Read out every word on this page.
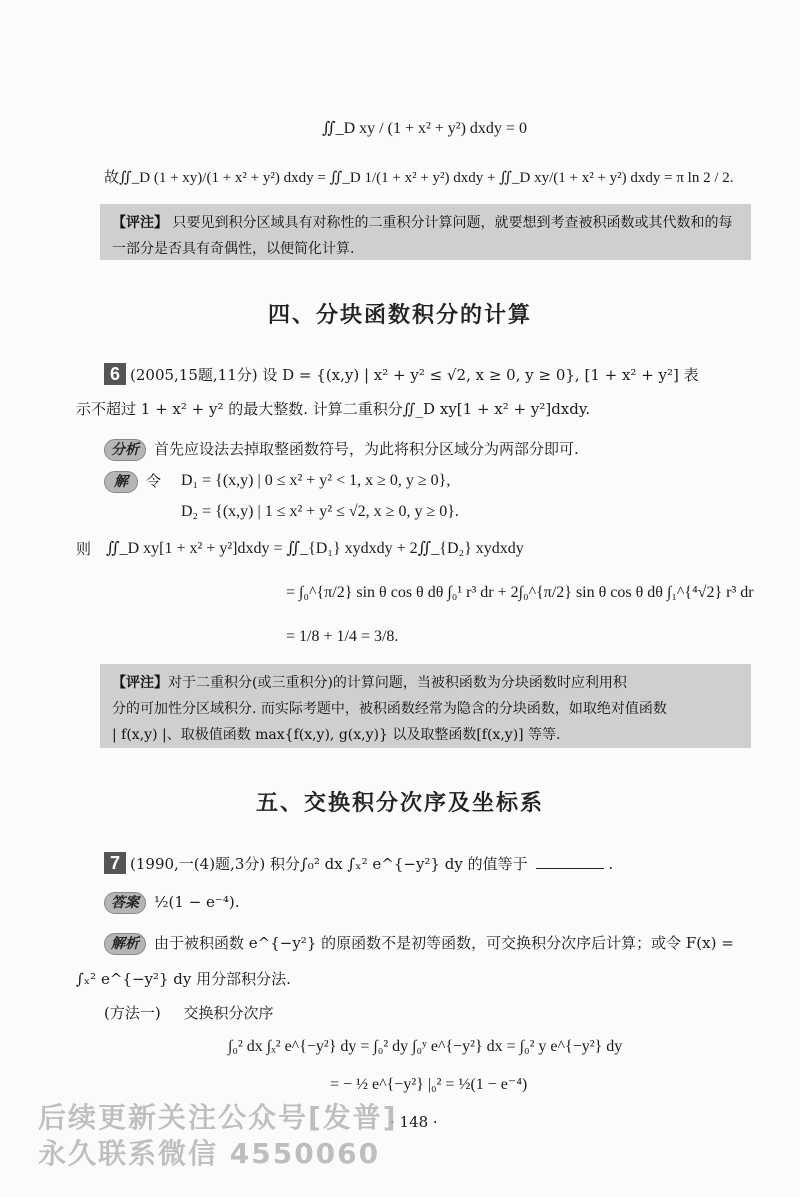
∬_D xy / (1 + x² + y²) dxdy = 0
故∬_D (1 + xy)/(1 + x² + y²) dxdy = ∬_D 1/(1 + x² + y²) dxdy + ∬_D xy/(1 + x² + y²) dxdy = π ln 2 / 2.
【评注】 只要见到积分区域具有对称性的二重积分计算问题，就要想到考查被积函数或其代数和的每一部分是否具有奇偶性，以便简化计算.
四、分块函数积分的计算
6 (2005,15题,11分) 设 D = {(x,y) | x² + y² ≤ √2, x ≥ 0, y ≥ 0}, [1 + x² + y²] 表
示不超过 1 + x² + y² 的最大整数. 计算二重积分∬_D xy[1 + x² + y²]dxdy.
分析 首先应设法去掉取整函数符号，为此将积分区域分为两部分即可.
解 令 D₁ = {(x,y) | 0 ≤ x² + y² < 1, x ≥ 0, y ≥ 0},
D₂ = {(x,y) | 1 ≤ x² + y² ≤ √2, x ≥ 0, y ≥ 0}.
则 ∬_D xy[1 + x² + y²]dxdy = ∬_{D₁} xydxdy + 2∬_{D₂} xydxdy
= ∫₀^{π/2} sin θ cos θ dθ ∫₀¹ r³ dr + 2∫₀^{π/2} sin θ cos θ dθ ∫₁^{⁴√2} r³ dr
= 1/8 + 1/4 = 3/8.
【评注】对于二重积分(或三重积分)的计算问题，当被积函数为分块函数时应利用积
分的可加性分区域积分. 而实际考题中，被积函数经常为隐含的分块函数，如取绝对值函数
| f(x,y) |、取极值函数 max{f(x,y), g(x,y)} 以及取整函数[f(x,y)] 等等.
五、交换积分次序及坐标系
7 (1990,一(4)题,3分) 积分∫₀² dx ∫ₓ² e^{−y²} dy 的值等于	.
答案 ½(1 − e⁻⁴).
解析 由于被积函数 e^{−y²} 的原函数不是初等函数，可交换积分次序后计算；或令 F(x) =
∫ₓ² e^{−y²} dy 用分部积分法.
(方法一) 交换积分次序
∫₀² dx ∫ₓ² e^{−y²} dy = ∫₀² dy ∫₀ʸ e^{−y²} dx = ∫₀² y e^{−y²} dy
= − ½ e^{−y²} |₀² = ½(1 − e⁻⁴)
· 148 ·
后续更新关注公众号[发普]
永久联系微信 4550060
